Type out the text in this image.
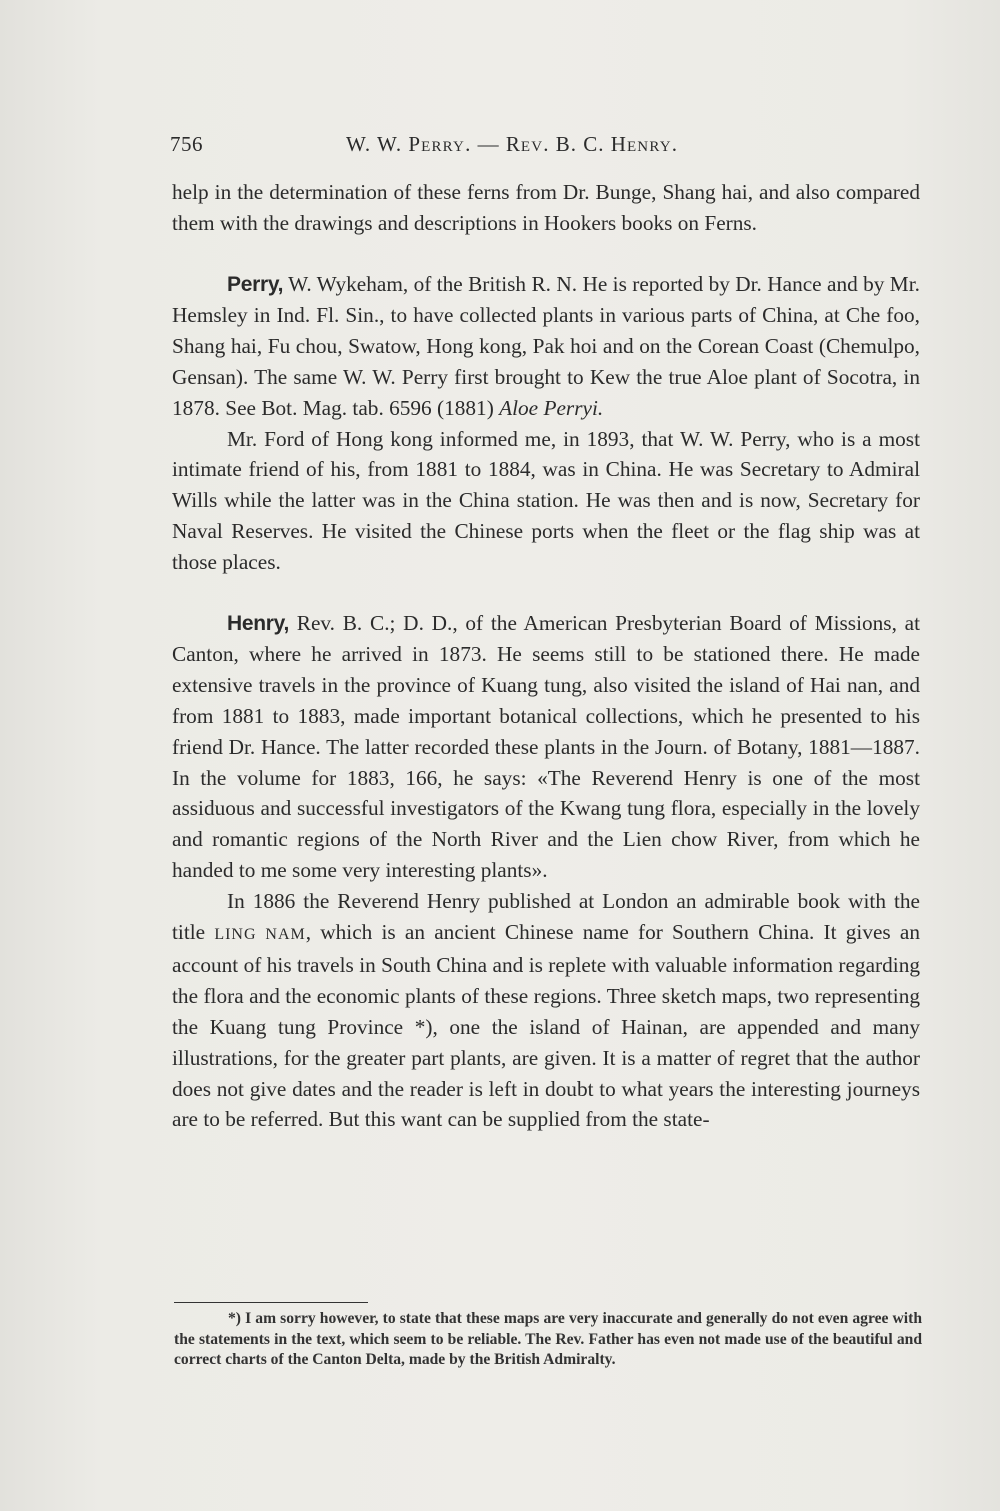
756	W. W. PERRY. — REV. B. C. HENRY.

help in the determination of these ferns from Dr. Bunge, Shang hai, and also compared them with the drawings and descriptions in Hookers books on Ferns.

Perry, W. Wykeham, of the British R. N. He is reported by Dr. Hance and by Mr. Hemsley in Ind. Fl. Sin., to have collected plants in various parts of China, at Che foo, Shang hai, Fu chou, Swatow, Hong kong, Pak hoi and on the Corean Coast (Chemulpo, Gensan). The same W. W. Perry first brought to Kew the true Aloe plant of Socotra, in 1878. See Bot. Mag. tab. 6596 (1881) Aloe Perryi.

Mr. Ford of Hong kong informed me, in 1893, that W. W. Perry, who is a most intimate friend of his, from 1881 to 1884, was in China. He was Secretary to Admiral Wills while the latter was in the China station. He was then and is now, Secretary for Naval Reserves. He visited the Chinese ports when the fleet or the flag ship was at those places.

Henry, Rev. B. C.; D. D., of the American Presbyterian Board of Missions, at Canton, where he arrived in 1873. He seems still to be stationed there. He made extensive travels in the province of Kuang tung, also visited the island of Hai nan, and from 1881 to 1883, made important botanical collections, which he presented to his friend Dr. Hance. The latter recorded these plants in the Journ. of Botany, 1881—1887. In the volume for 1883, 166, he says: «The Reverend Henry is one of the most assiduous and successful investigators of the Kwang tung flora, especially in the lovely and romantic regions of the North River and the Lien chow River, from which he handed to me some very interesting plants».

In 1886 the Reverend Henry published at London an admirable book with the title LING NAM, which is an ancient Chinese name for Southern China. It gives an account of his travels in South China and is replete with valuable information regarding the flora and the economic plants of these regions. Three sketch maps, two representing the Kuang tung Province *), one the island of Hainan, are appended and many illustrations, for the greater part plants, are given. It is a matter of regret that the author does not give dates and the reader is left in doubt to what years the interesting journeys are to be referred. But this want can be supplied from the state-

*) I am sorry however, to state that these maps are very inaccurate and generally do not even agree with the statements in the text, which seem to be reliable. The Rev. Father has even not made use of the beautiful and correct charts of the Canton Delta, made by the British Admiralty.
